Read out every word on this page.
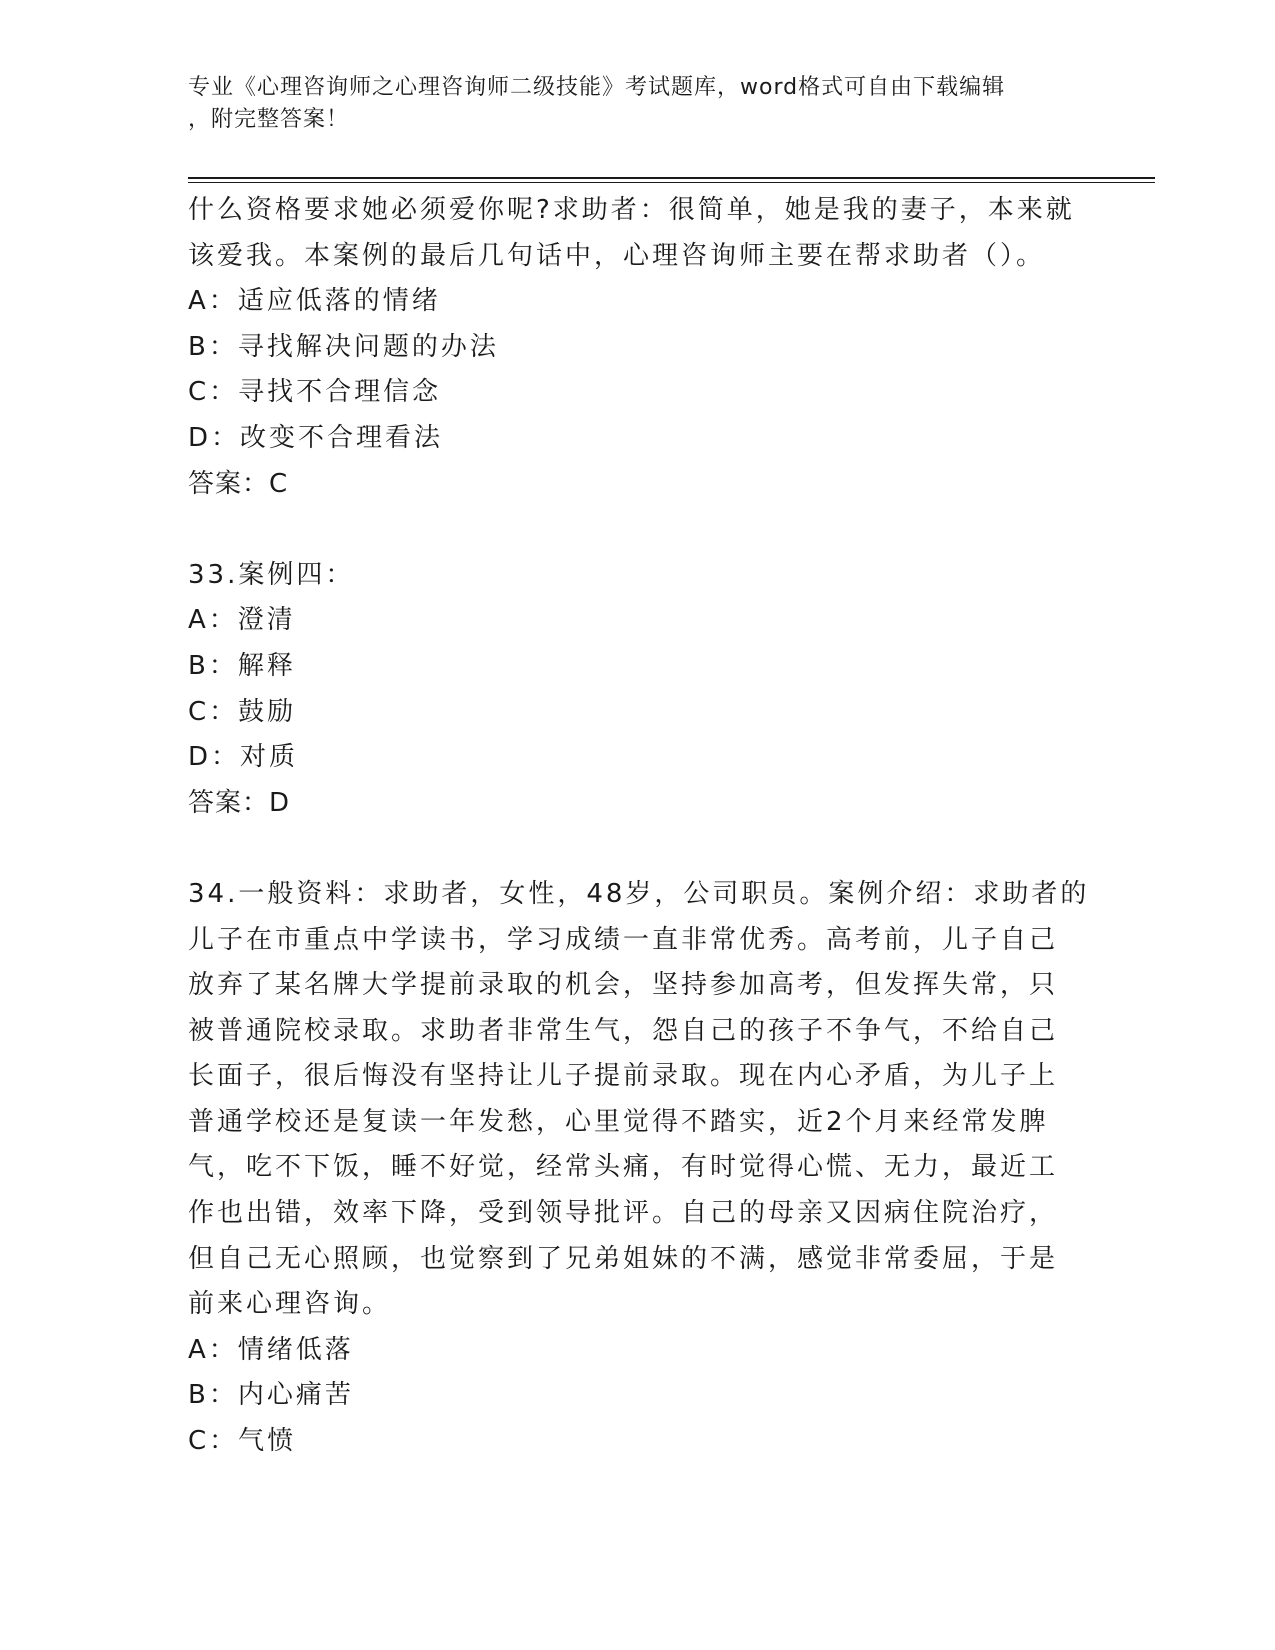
专业《心理咨询师之心理咨询师二级技能》考试题库，word格式可自由下载编辑
，附完整答案！
什么资格要求她必须爱你呢?求助者：很简单，她是我的妻子，本来就
该爱我。本案例的最后几句话中，心理咨询师主要在帮求助者（）。
A：适应低落的情绪
B：寻找解决问题的办法
C：寻找不合理信念
D：改变不合理看法
答案：C
33.案例四：
A：澄清
B：解释
C：鼓励
D：对质
答案：D
34.一般资料：求助者，女性，48岁，公司职员。案例介绍：求助者的
儿子在市重点中学读书，学习成绩一直非常优秀。高考前，儿子自己
放弃了某名牌大学提前录取的机会，坚持参加高考，但发挥失常，只
被普通院校录取。求助者非常生气，怨自己的孩子不争气，不给自己
长面子，很后悔没有坚持让儿子提前录取。现在内心矛盾，为儿子上
普通学校还是复读一年发愁，心里觉得不踏实，近2个月来经常发脾
气，吃不下饭，睡不好觉，经常头痛，有时觉得心慌、无力，最近工
作也出错，效率下降，受到领导批评。自己的母亲又因病住院治疗，
但自己无心照顾，也觉察到了兄弟姐妹的不满，感觉非常委屈，于是
前来心理咨询。
A：情绪低落
B：内心痛苦
C：气愤
